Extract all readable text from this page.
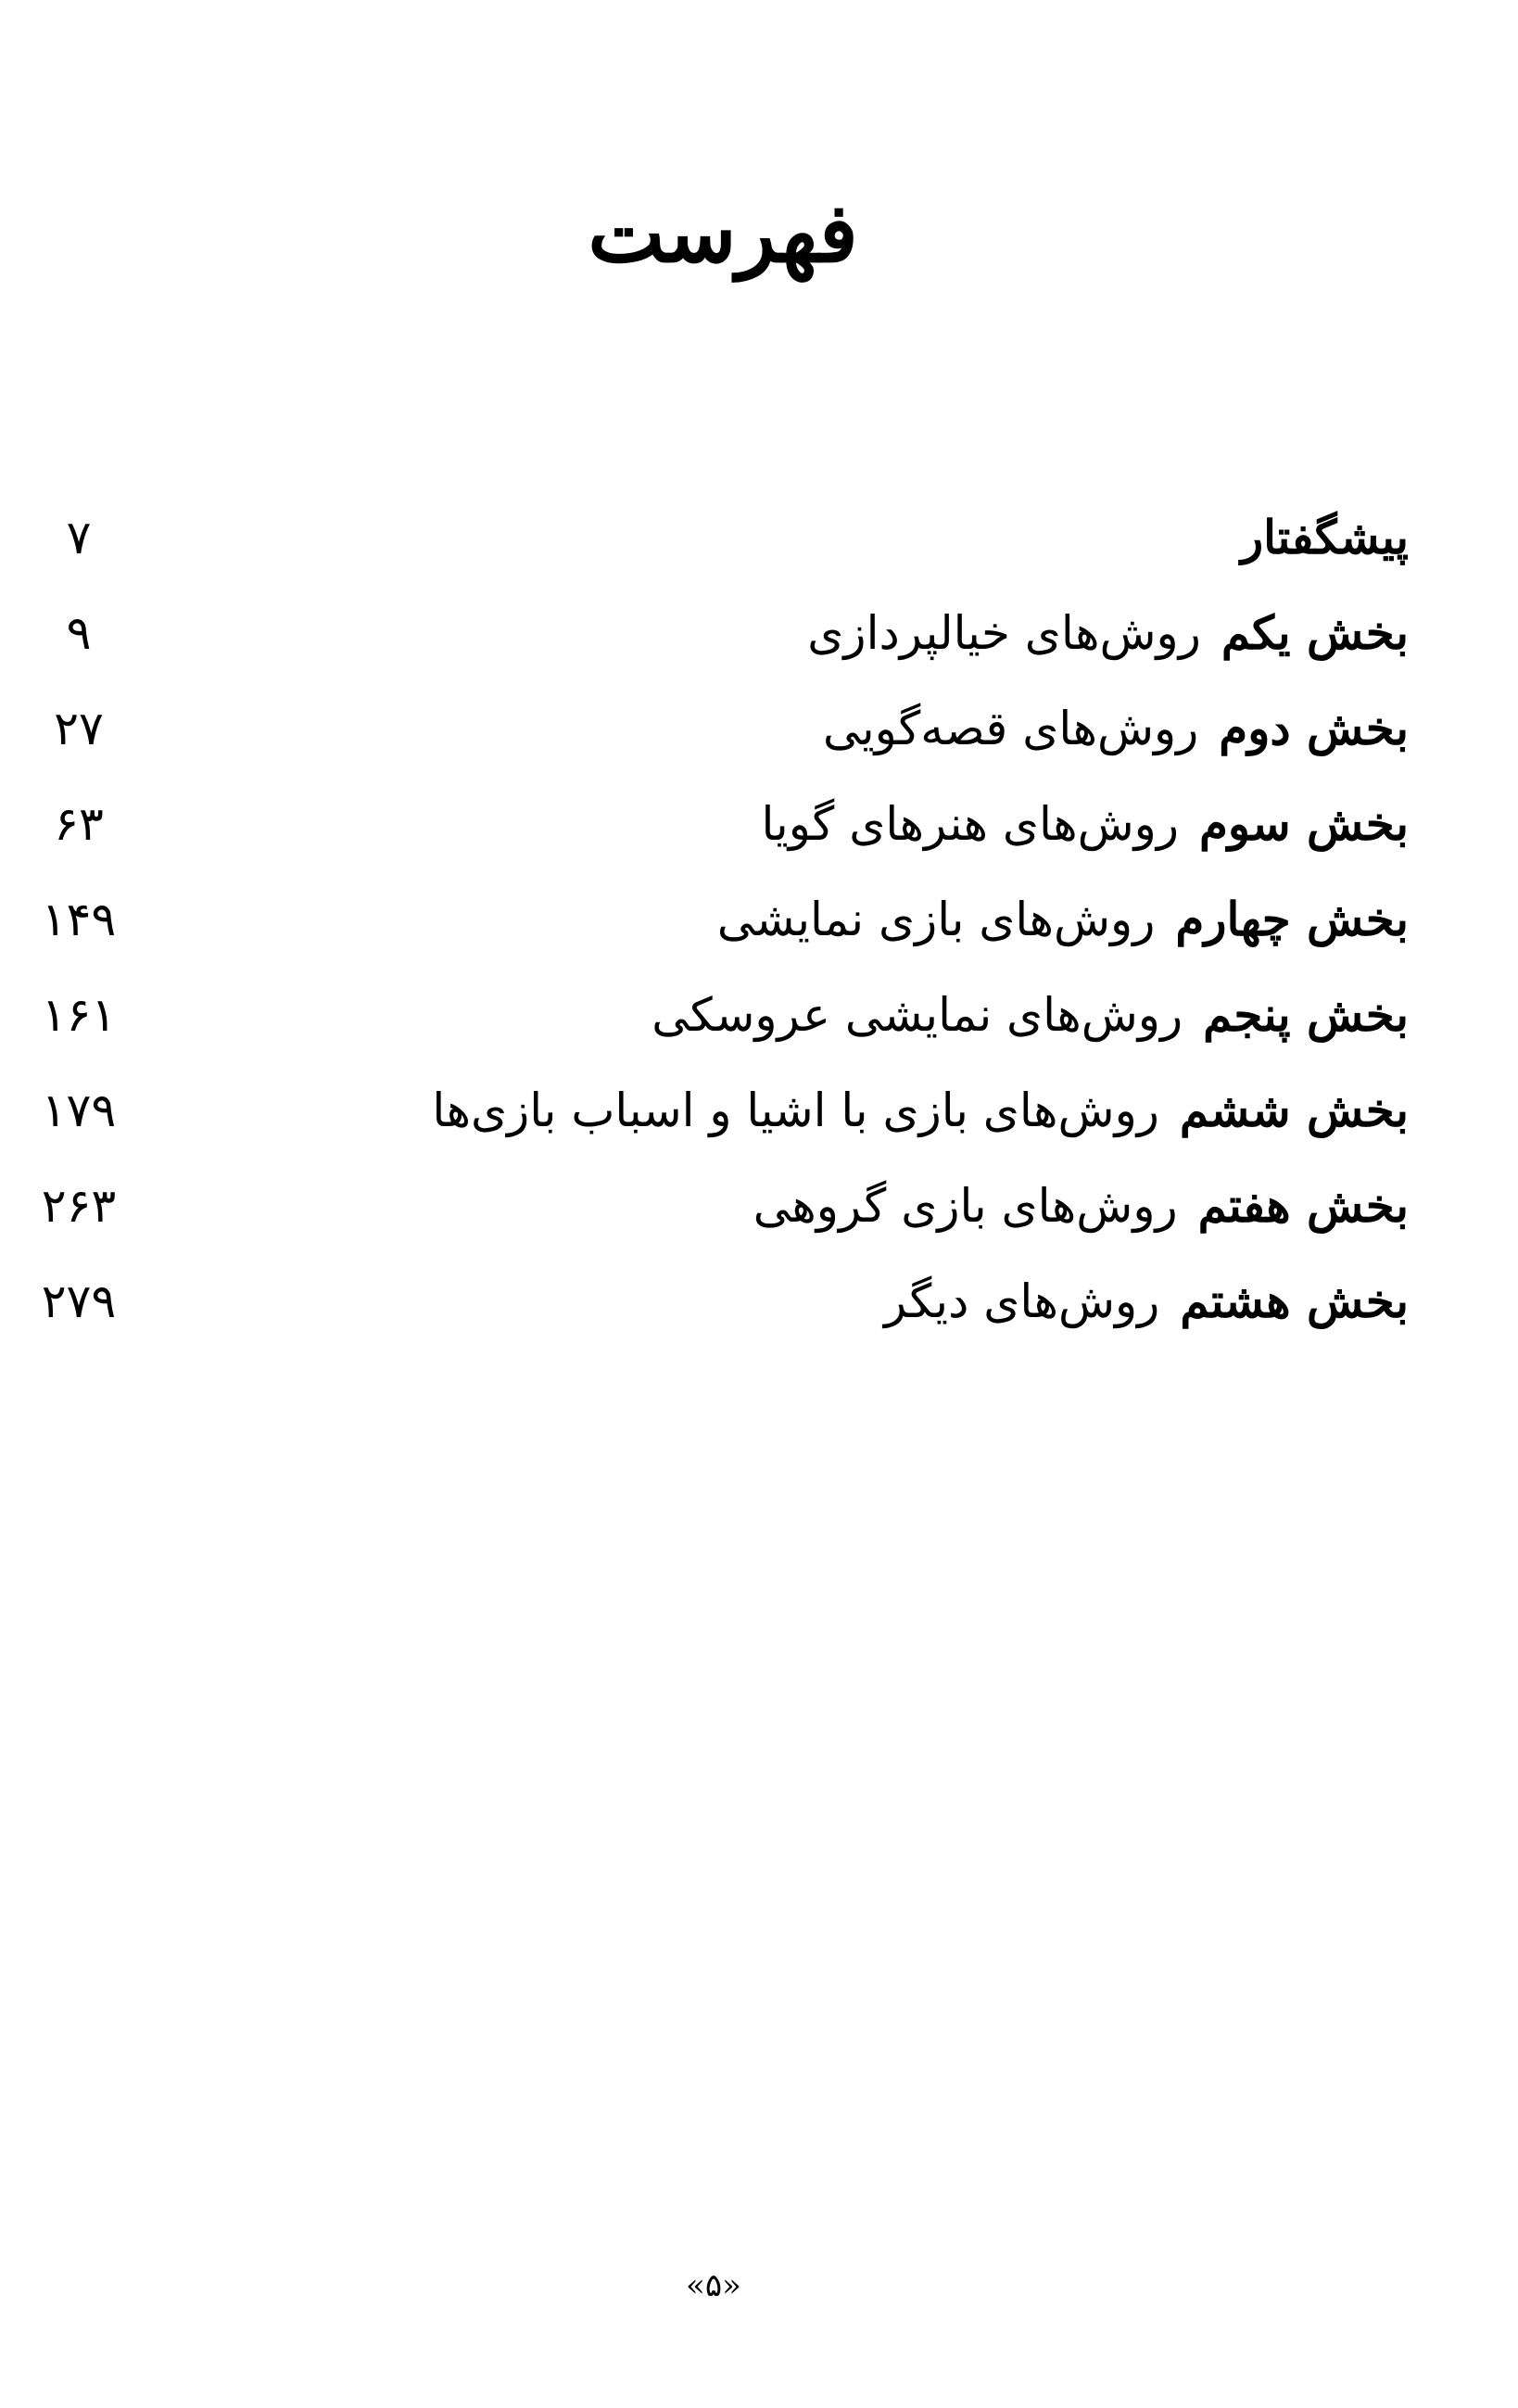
فهرست
پیشگفتار
۷
بخش یکم
روش‌های خیالپردازی
۹
بخش دوم
روش‌های قصه‌گویی
۲۷
بخش سوم
روش‌های هنرهای گویا
۶۳
بخش چهارم
روش‌های بازی نمایشی
۱۴۹
بخش پنجم
روش‌های نمایشی عروسکی
۱۶۱
بخش ششم
روش‌های بازی با اشیا و اسباب بازی‌ها
۱۷۹
بخش هفتم
روش‌های بازی گروهی
۲۶۳
بخش هشتم
روش‌های دیگر
۲۷۹
«۵»
